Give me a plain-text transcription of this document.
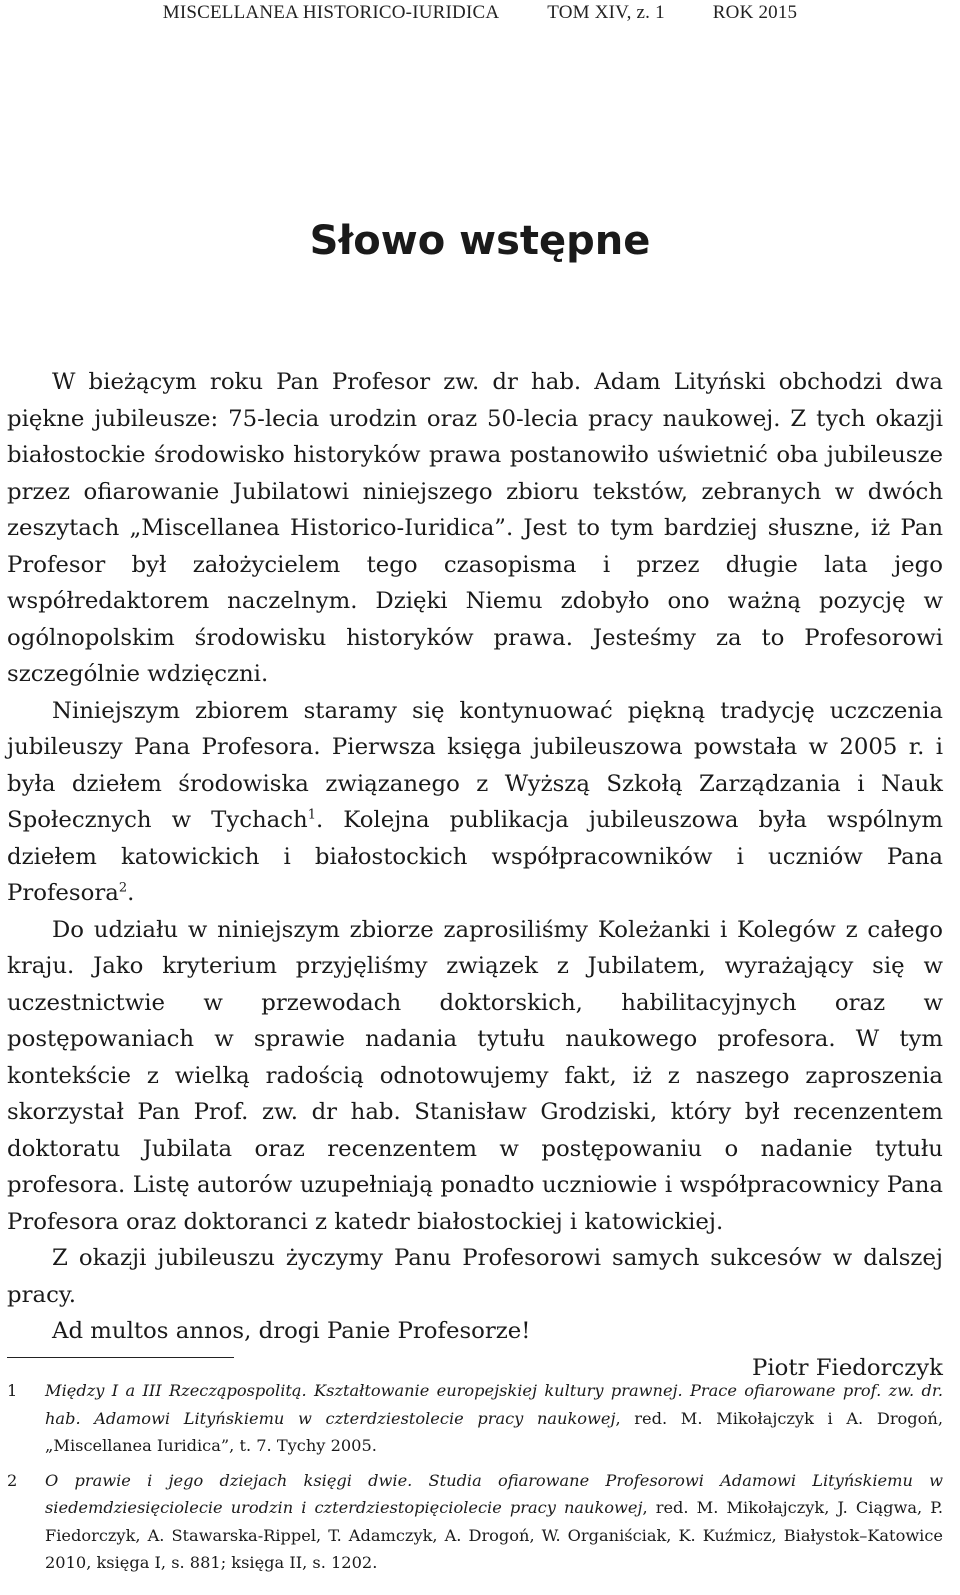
MISCELLANEA HISTORICO-IURIDICA	TOM XIV, z. 1	ROK 2015
Słowo wstępne

W bieżącym roku Pan Profesor zw. dr hab. Adam Lityński obchodzi dwa piękne jubileusze: 75-lecia urodzin oraz 50-lecia pracy naukowej. Z tych okazji białostockie środowisko historyków prawa postanowiło uświetnić oba jubileusze przez ofiarowanie Jubilatowi niniejszego zbioru tekstów, zebranych w dwóch zeszytach „Miscellanea Historico-Iuridica”. Jest to tym bardziej słuszne, iż Pan Profesor był założycielem tego czasopisma i przez długie lata jego współredaktorem naczelnym. Dzięki Niemu zdobyło ono ważną pozycję w ogólnopolskim środowisku historyków prawa. Jesteśmy za to Profesorowi szczególnie wdzięczni.

Niniejszym zbiorem staramy się kontynuować piękną tradycję uczczenia jubileuszy Pana Profesora. Pierwsza księga jubileuszowa powstała w 2005 r. i była dziełem środowiska związanego z Wyższą Szkołą Zarządzania i Nauk Społecznych w Tychach$^1$. Kolejna publikacja jubileuszowa była wspólnym dziełem katowickich i białostockich współpracowników i uczniów Pana Profesora$^2$.

Do udziału w niniejszym zbiorze zaprosiliśmy Koleżanki i Kolegów z całego kraju. Jako kryterium przyjęliśmy związek z Jubilatem, wyrażający się w uczestnictwie w przewodach doktorskich, habilitacyjnych oraz w postępowaniach w sprawie nadania tytułu naukowego profesora. W tym kontekście z wielką radością odnotowujemy fakt, iż z naszego zaproszenia skorzystał Pan Prof. zw. dr hab. Stanisław Grodziski, który był recenzentem doktoratu Jubilata oraz recenzentem w postępowaniu o nadanie tytułu profesora. Listę autorów uzupełniają ponadto uczniowie i współpracownicy Pana Profesora oraz doktoranci z katedr białostockiej i katowickiej.

Z okazji jubileuszu życzymy Panu Profesorowi samych sukcesów w dalszej pracy.

Ad multos annos, drogi Panie Profesorze!

Piotr Fiedorczyk

1	Między I a III Rzecząpospolitą. Kształtowanie europejskiej kultury prawnej. Prace ofiarowane prof. zw. dr. hab. Adamowi Lityńskiemu w czterdziestolecie pracy naukowej, red. M. Mikołajczyk i A. Drogoń, „Miscellanea Iuridica”, t. 7. Tychy 2005.
2	O prawie i jego dziejach księgi dwie. Studia ofiarowane Profesorowi Adamowi Lityńskiemu w siedemdziesięciolecie urodzin i czterdziestopięciolecie pracy naukowej, red. M. Mikołajczyk, J. Ciągwa, P. Fiedorczyk, A. Stawarska-Rippel, T. Adamczyk, A. Drogoń, W. Organiściak, K. Kuźmicz, Białystok–Katowice 2010, księga I, s. 881; księga II, s. 1202.
